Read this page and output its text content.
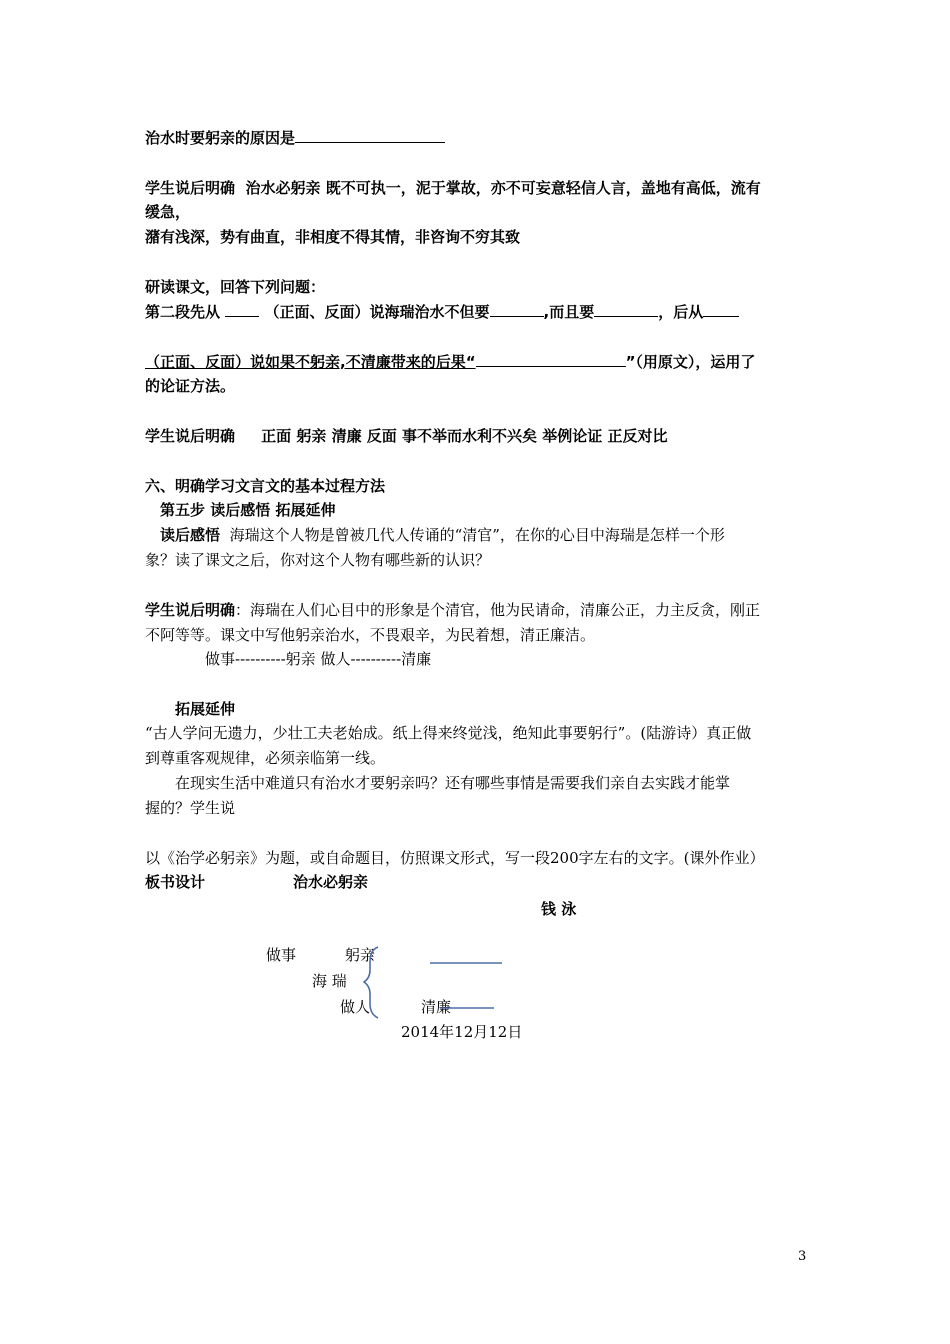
治水时要躬亲的原因是
学生说后明确 治水必躬亲 既不可执一，泥于掌故，亦不可妄意轻信人言，盖地有高低，流有
缓急，
潴有浅深，势有曲直，非相度不得其情，非咨询不穷其致
研读课文，回答下列问题：
第二段先从	（正面、反面）说海瑞治水不但要	,而且要	，后从
（正面、反面）说如果不躬亲,不清廉带来的后果“	”（用原文），运用了
的论证方法。
学生说后明确 正面 躬亲 清廉 反面 事不举而水利不兴矣 举例论证 正反对比
六、明确学习文言文的基本过程方法
第五步 读后感悟 拓展延伸
读后感悟 海瑞这个人物是曾被几代人传诵的“清官”，在你的心目中海瑞是怎样一个形
象？读了课文之后，你对这个人物有哪些新的认识？
学生说后明确：海瑞在人们心目中的形象是个清官，他为民请命，清廉公正，力主反贪，刚正
不阿等等。课文中写他躬亲治水，不畏艰辛，为民着想，清正廉洁。
做事----------躬亲 做人----------清廉
拓展延伸
“古人学问无遗力，少壮工夫老始成。纸上得来终觉浅，绝知此事要躬行”。(陆游诗）真正做
到尊重客观规律，必须亲临第一线。
在现实生活中难道只有治水才要躬亲吗？还有哪些事情是需要我们亲自去实践才能掌
握的？学生说
以《治学必躬亲》为题，或自命题目，仿照课文形式，写一段200字左右的文字。(课外作业）
板书设计	治水必躬亲
钱 泳
做事	躬亲
海 瑞
做人	清廉
2014年12月12日
3
